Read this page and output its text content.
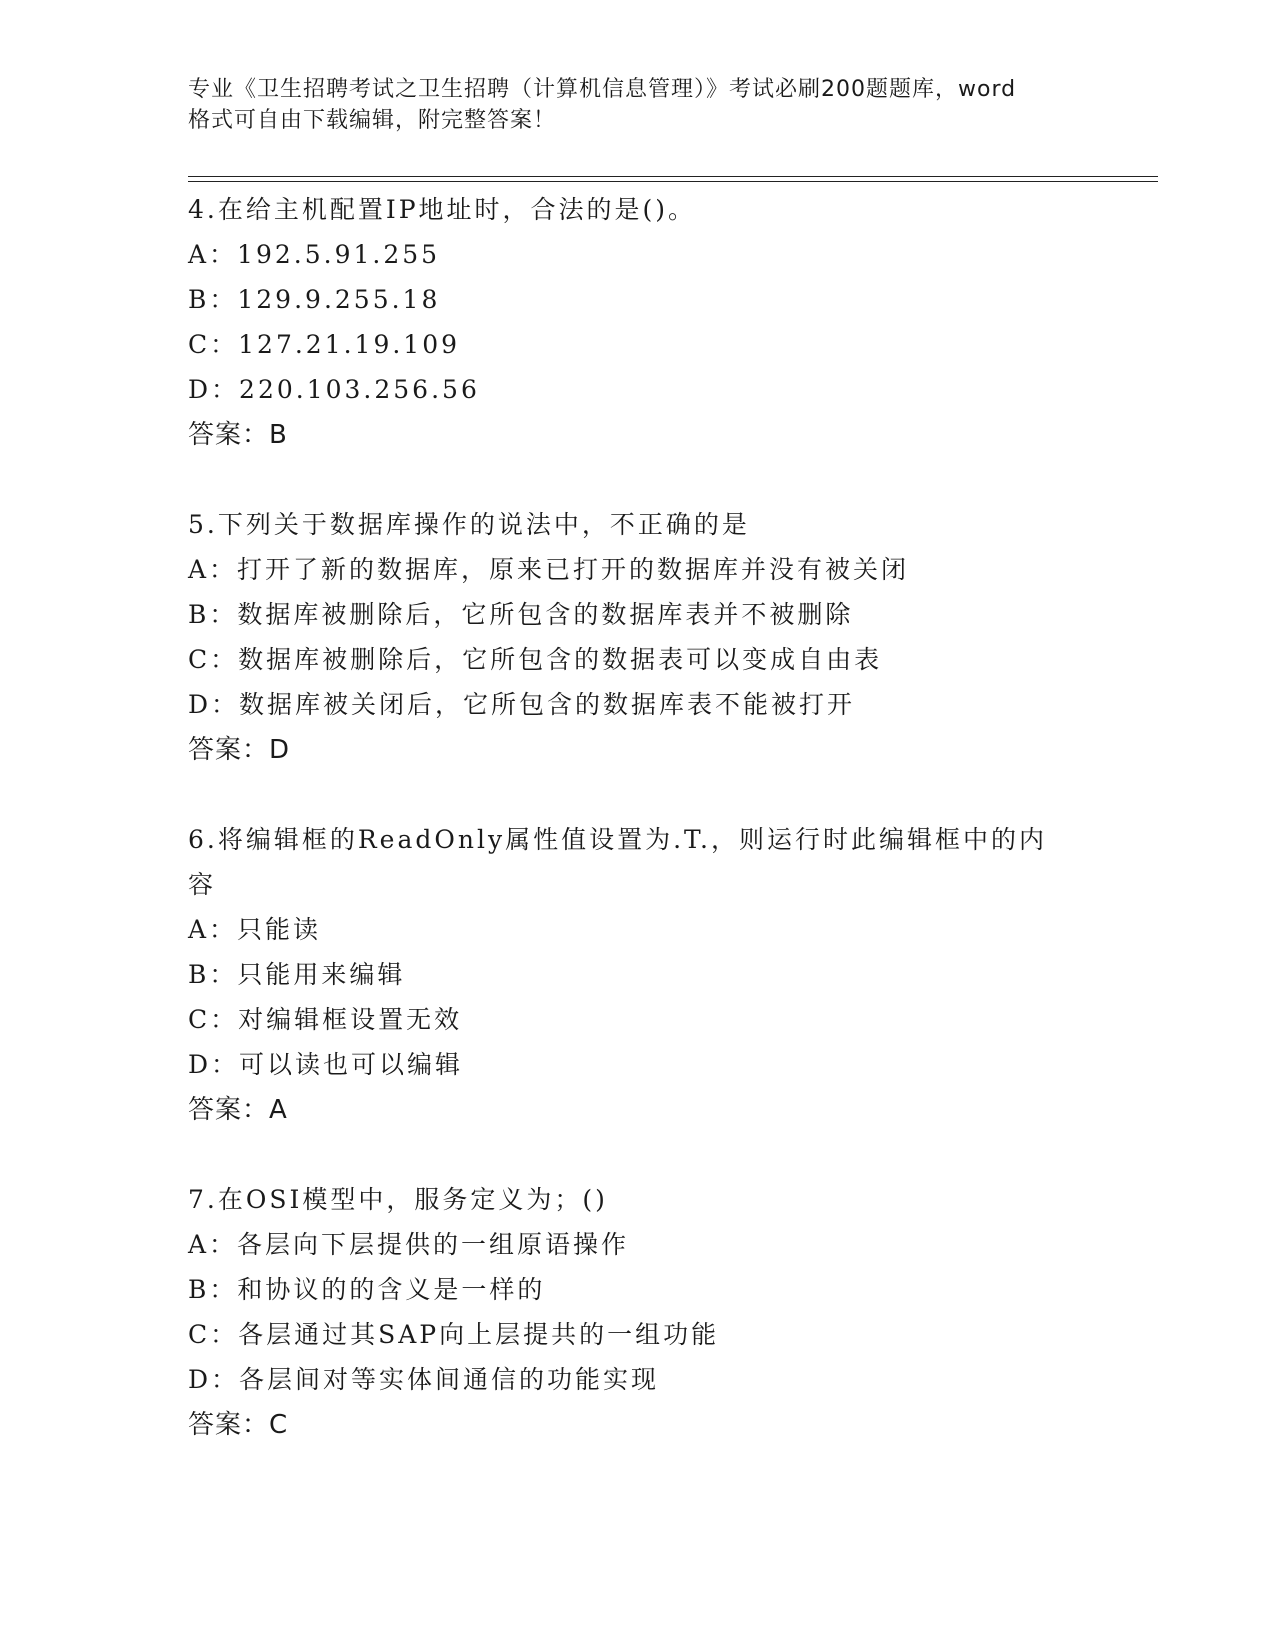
专业《卫生招聘考试之卫生招聘（计算机信息管理）》考试必刷200题题库，word
格式可自由下载编辑，附完整答案！
4.在给主机配置IP地址时，合法的是()。
A：192.5.91.255
B：129.9.255.18
C：127.21.19.109
D：220.103.256.56
答案：B
5.下列关于数据库操作的说法中，不正确的是
A：打开了新的数据库，原来已打开的数据库并没有被关闭
B：数据库被删除后，它所包含的数据库表并不被删除
C：数据库被删除后，它所包含的数据表可以变成自由表
D：数据库被关闭后，它所包含的数据库表不能被打开
答案：D
6.将编辑框的ReadOnly属性值设置为.T.，则运行时此编辑框中的内
容
A：只能读
B：只能用来编辑
C：对编辑框设置无效
D：可以读也可以编辑
答案：A
7.在OSI模型中，服务定义为；()
A：各层向下层提供的一组原语操作
B：和协议的的含义是一样的
C：各层通过其SAP向上层提共的一组功能
D：各层间对等实体间通信的功能实现
答案：C
